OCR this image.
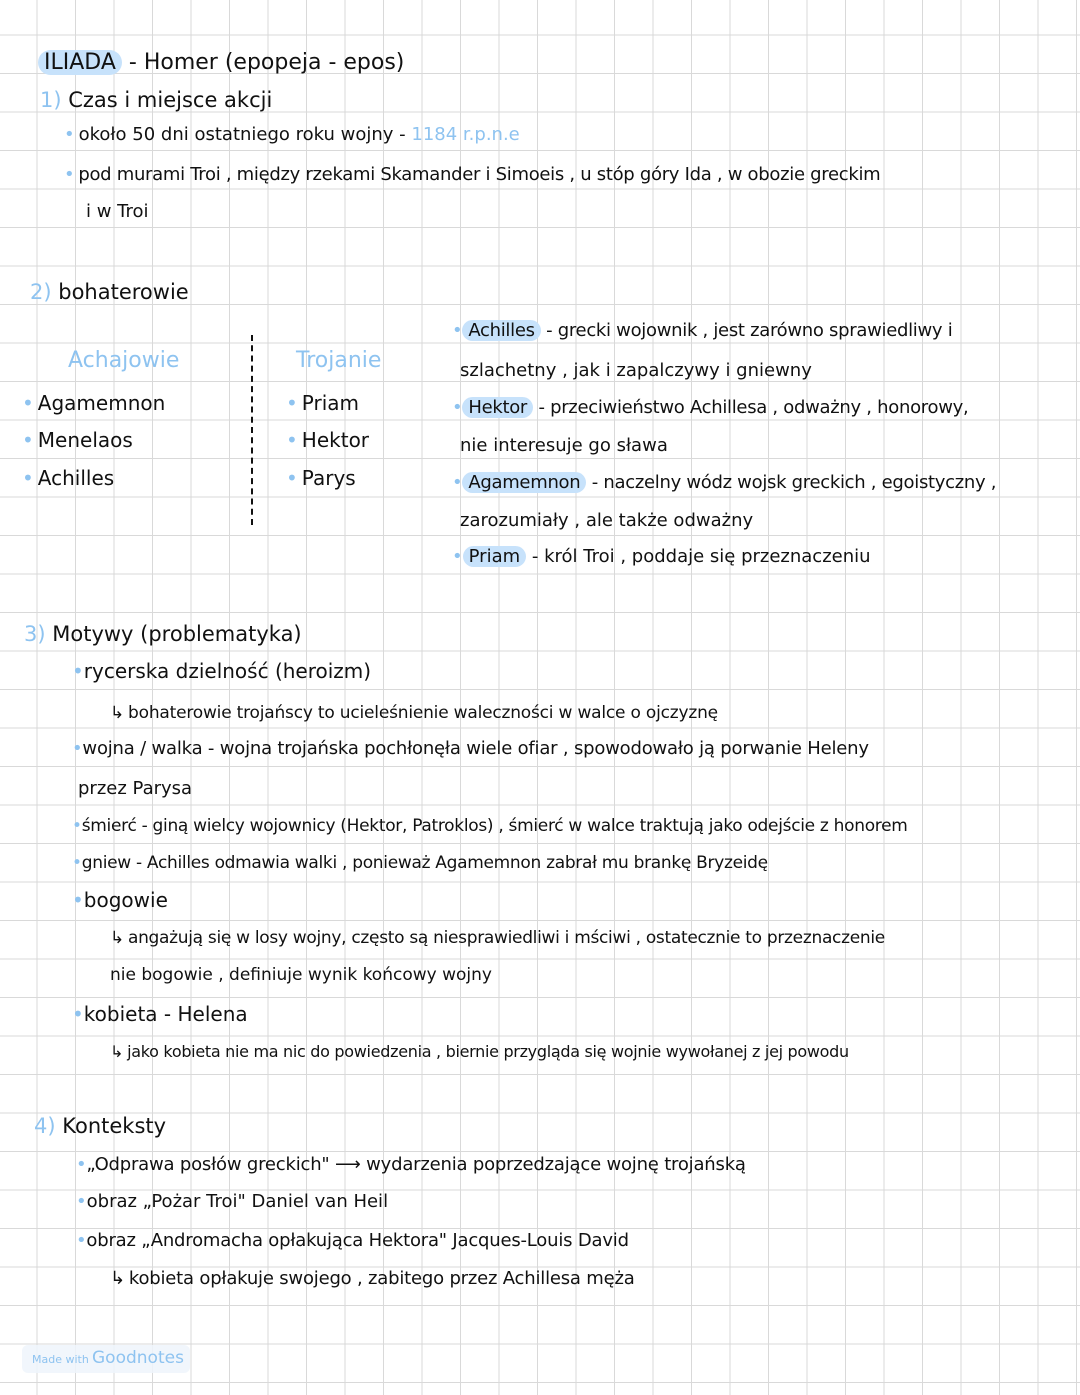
ILIADA - Homer (epopeja - epos)
1) Czas i miejsce akcji
• około 50 dni ostatniego roku wojny - 1184 r.p.n.e
• pod murami Troi , między rzekami Skamander i Simoeis , u stóp góry Ida , w obozie greckim
i w Troi
2) bohaterowie
Achajowie
• Agamemnon
• Menelaos
• Achilles
Trojanie
• Priam
• Hektor
• Parys
• Achilles - grecki wojownik , jest zarówno sprawiedliwy i
szlachetny , jak i zapalczywy i gniewny
• Hektor - przeciwieństwo Achillesa , odważny , honorowy,
nie interesuje go sława
• Agamemnon - naczelny wódz wojsk greckich , egoistyczny ,
zarozumiały , ale także odważny
• Priam - król Troi , poddaje się przeznaczeniu
3) Motywy (problematyka)
•rycerska dzielność (heroizm)
↳ bohaterowie trojańscy to ucieleśnienie waleczności w walce o ojczyznę
•wojna / walka - wojna trojańska pochłonęła wiele ofiar , spowodowało ją porwanie Heleny
przez Parysa
•śmierć - giną wielcy wojownicy (Hektor, Patroklos) , śmierć w walce traktują jako odejście z honorem
•gniew - Achilles odmawia walki , ponieważ Agamemnon zabrał mu brankę Bryzeidę
•bogowie
↳ angażują się w losy wojny, często są niesprawiedliwi i mściwi , ostatecznie to przeznaczenie
nie bogowie , definiuje wynik końcowy wojny
•kobieta - Helena
↳ jako kobieta nie ma nic do powiedzenia , biernie przygląda się wojnie wywołanej z jej powodu
4) Konteksty
•„Odprawa posłów greckich" ⟶ wydarzenia poprzedzające wojnę trojańską
•obraz „Pożar Troi" Daniel van Heil
•obraz „Andromacha opłakująca Hektora" Jacques-Louis David
↳ kobieta opłakuje swojego , zabitego przez Achillesa męża
Made with Goodnotes
